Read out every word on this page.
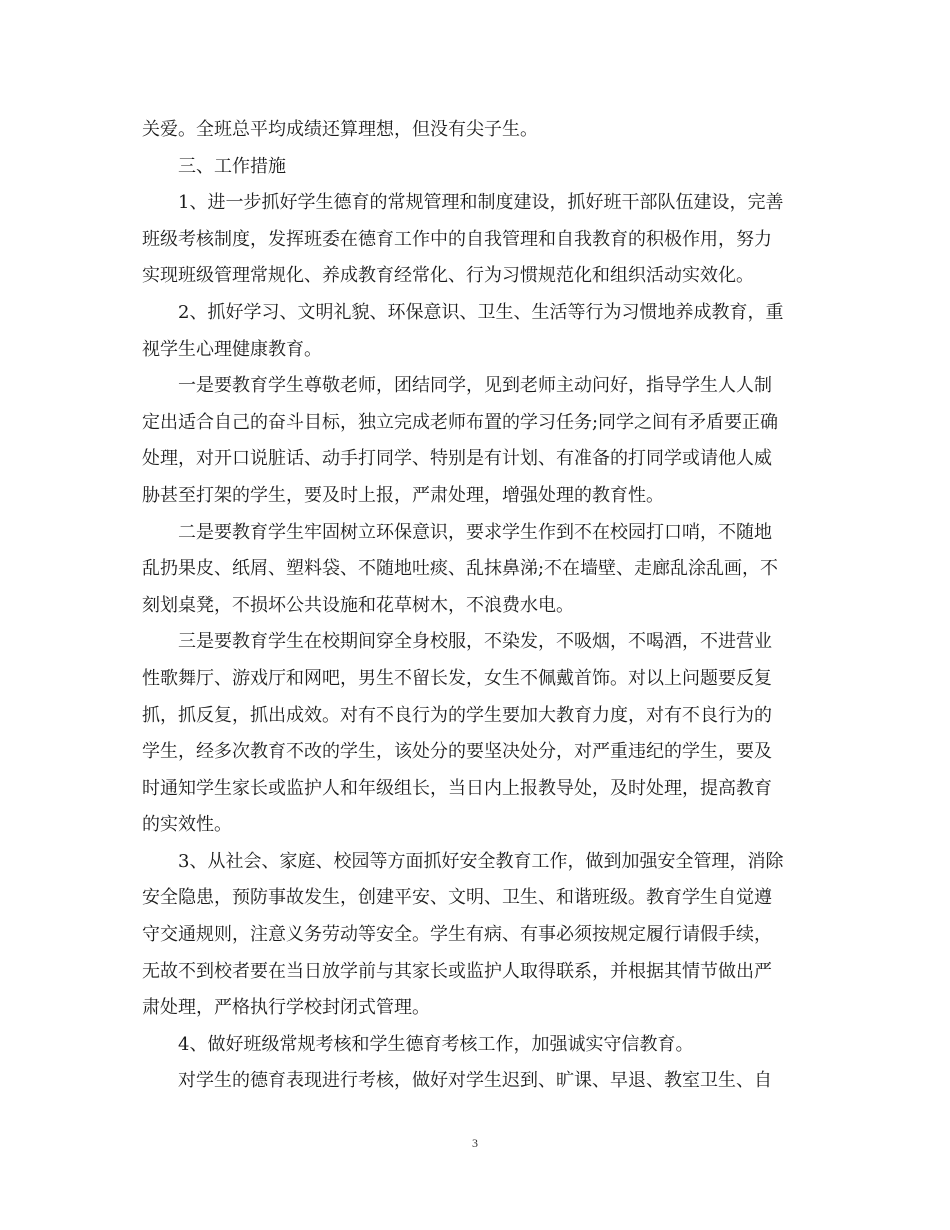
关爱。全班总平均成绩还算理想，但没有尖子生。
三、工作措施
1、进一步抓好学生德育的常规管理和制度建设，抓好班干部队伍建设，完善
班级考核制度，发挥班委在德育工作中的自我管理和自我教育的积极作用，努力
实现班级管理常规化、养成教育经常化、行为习惯规范化和组织活动实效化。
2、抓好学习、文明礼貌、环保意识、卫生、生活等行为习惯地养成教育，重
视学生心理健康教育。
一是要教育学生尊敬老师，团结同学，见到老师主动问好，指导学生人人制
定出适合自己的奋斗目标，独立完成老师布置的学习任务;同学之间有矛盾要正确
处理，对开口说脏话、动手打同学、特别是有计划、有准备的打同学或请他人威
胁甚至打架的学生，要及时上报，严肃处理，增强处理的教育性。
二是要教育学生牢固树立环保意识，要求学生作到不在校园打口哨，不随地
乱扔果皮、纸屑、塑料袋、不随地吐痰、乱抹鼻涕;不在墙壁、走廊乱涂乱画，不
刻划桌凳，不损坏公共设施和花草树木，不浪费水电。
三是要教育学生在校期间穿全身校服，不染发，不吸烟，不喝酒，不进营业
性歌舞厅、游戏厅和网吧，男生不留长发，女生不佩戴首饰。对以上问题要反复
抓，抓反复，抓出成效。对有不良行为的学生要加大教育力度，对有不良行为的
学生，经多次教育不改的学生，该处分的要坚决处分，对严重违纪的学生，要及
时通知学生家长或监护人和年级组长，当日内上报教导处，及时处理，提高教育
的实效性。
3、从社会、家庭、校园等方面抓好安全教育工作，做到加强安全管理，消除
安全隐患，预防事故发生，创建平安、文明、卫生、和谐班级。教育学生自觉遵
守交通规则，注意义务劳动等安全。学生有病、有事必须按规定履行请假手续，
无故不到校者要在当日放学前与其家长或监护人取得联系，并根据其情节做出严
肃处理，严格执行学校封闭式管理。
4、做好班级常规考核和学生德育考核工作，加强诚实守信教育。
对学生的德育表现进行考核，做好对学生迟到、旷课、早退、教室卫生、自
3
